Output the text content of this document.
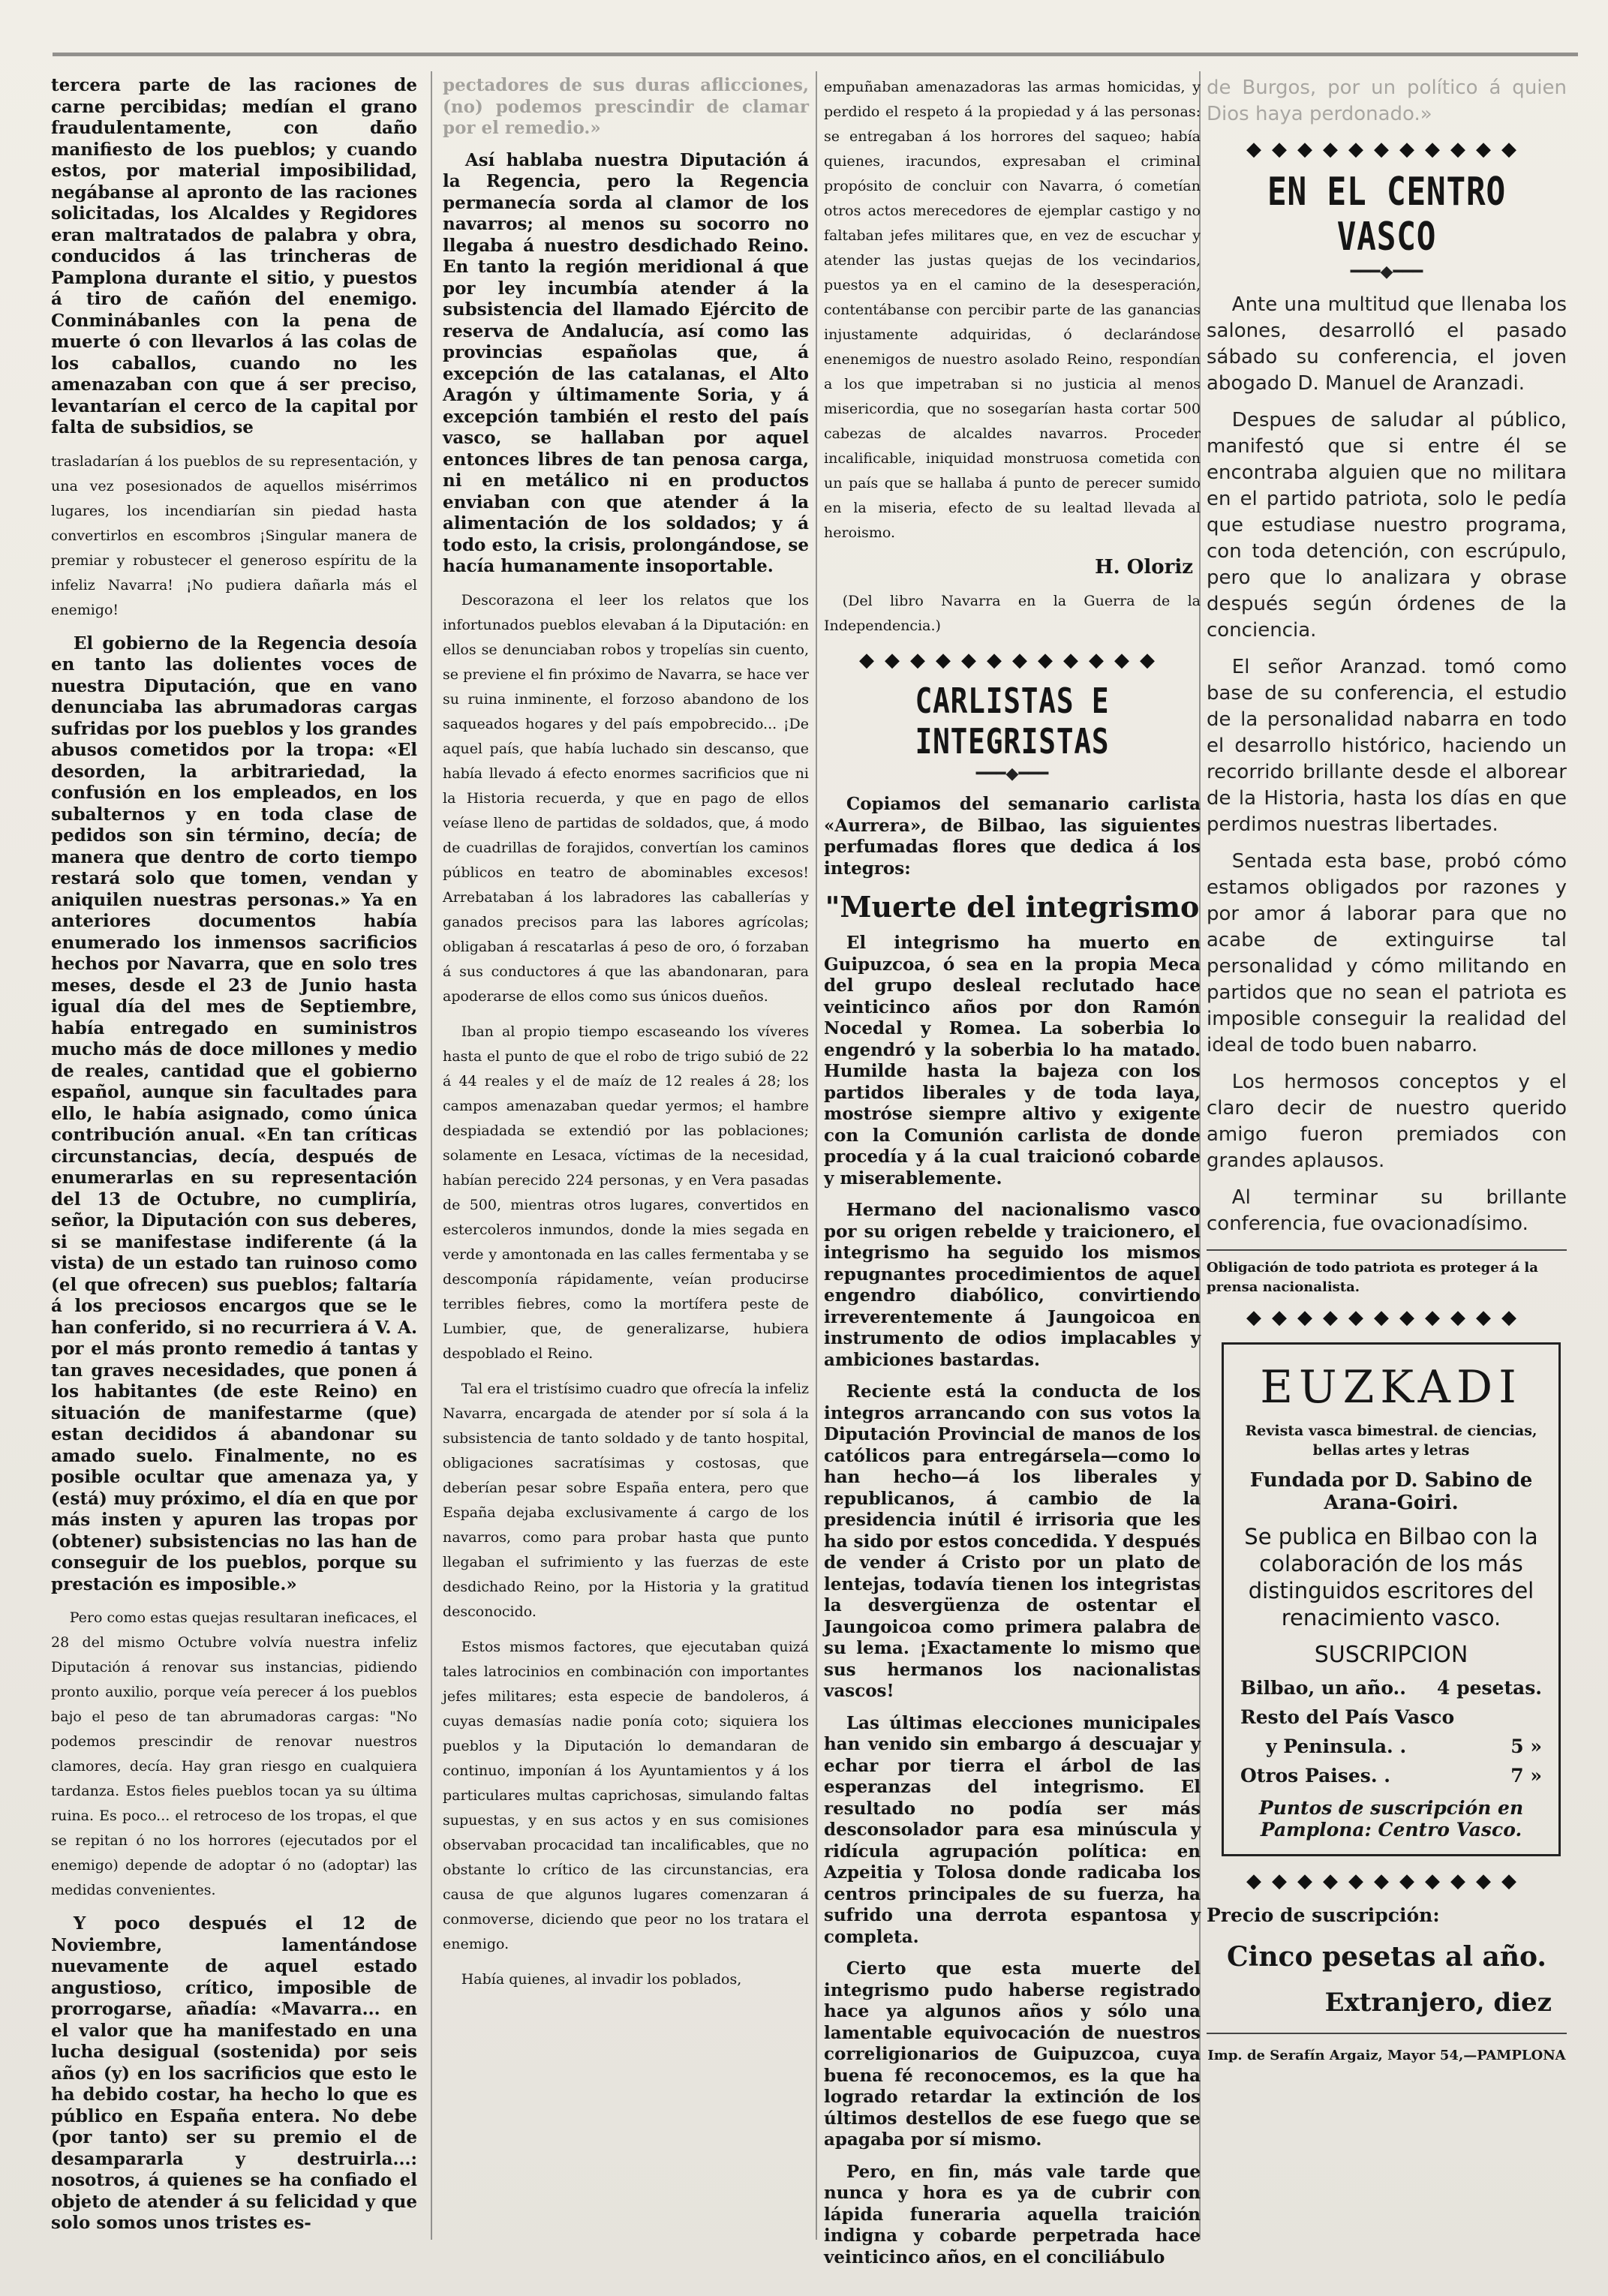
tercera parte de las raciones de carne percibidas; medían el grano fraudulentamente, con daño manifiesto de los pueblos; y cuando estos, por material imposibilidad, negábanse al apronto de las raciones solicitadas, los Alcaldes y Regidores eran maltratados de palabra y obra, conducidos á las trincheras de Pamplona durante el sitio, y puestos á tiro de cañón del enemigo. Conminábanles con la pena de muerte ó con llevarlos á las colas de los caballos, cuando no les amenazaban con que á ser preciso, levantarían el cerco de la capital por falta de subsidios, se

trasladarían á los pueblos de su representación, y una vez posesionados de aquellos misérrimos lugares, los incendiarían sin piedad hasta convertirlos en escombros ¡Singular manera de premiar y robustecer el generoso espíritu de la infeliz Navarra! ¡No pudiera dañarla más el enemigo!

El gobierno de la Regencia desoía en tanto las dolientes voces de nuestra Diputación, que en vano denunciaba las abrumadoras cargas sufridas por los pueblos y los grandes abusos cometidos por la tropa: «El desorden, la arbitrariedad, la confusión en los empleados, en los subalternos y en toda clase de pedidos son sin término, decía; de manera que dentro de corto tiempo restará solo que tomen, vendan y aniquilen nuestras personas.» Ya en anteriores documentos había enumerado los inmensos sacrificios hechos por Navarra, que en solo tres meses, desde el 23 de Junio hasta igual día del mes de Septiembre, había entregado en suministros mucho más de doce millones y medio de reales, cantidad que el gobierno español, aunque sin facultades para ello, le había asignado, como única contribución anual. «En tan críticas circunstancias, decía, después de enumerarlas en su representación del 13 de Octubre, no cumpliría, señor, la Diputación con sus deberes, si se manifestase indiferente (á la vista) de un estado tan ruinoso como (el que ofrecen) sus pueblos; faltaría á los preciosos encargos que se le han conferido, si no recurriera á V. A. por el más pronto remedio á tantas y tan graves necesidades, que ponen á los habitantes (de este Reino) en situación de manifestarme (que) estan decididos á abandonar su amado suelo. Finalmente, no es posible ocultar que amenaza ya, y (está) muy próximo, el día en que por más insten y apuren las tropas por (obtener) subsistencias no las han de conseguir de los pueblos, porque su prestación es imposible.»

Pero como estas quejas resultaran ineficaces, el 28 del mismo Octubre volvía nuestra infeliz Diputación á renovar sus instancias, pidiendo pronto auxilio, porque veía perecer á los pueblos bajo el peso de tan abrumadoras cargas: "No podemos prescindir de renovar nuestros clamores, decía. Hay gran riesgo en cualquiera tardanza. Estos fieles pueblos tocan ya su última ruina. Es poco... el retroceso de los tropas, el que se repitan ó no los horrores (ejecutados por el enemigo) depende de adoptar ó no (adoptar) las medidas convenientes.

Y poco después el 12 de Noviembre, lamentándose nuevamente de aquel estado angustioso, crítico, imposible de prorrogarse, añadía: «Mavarra... en el valor que ha manifestado en una lucha desigual (sostenida) por seis años (y) en los sacrificios que esto le ha debido costar, ha hecho lo que es público en España entera. No debe (por tanto) ser su premio el de desampararla y destruirla...: nosotros, á quienes se ha confiado el objeto de atender á su felicidad y que solo somos unos tristes es-

pectadores de sus duras aflicciones, (no) podemos prescindir de clamar por el remedio.»

Así hablaba nuestra Diputación á la Regencia, pero la Regencia permanecía sorda al clamor de los navarros; al menos su socorro no llegaba á nuestro desdichado Reino. En tanto la región meridional á que por ley incumbía atender á la subsistencia del llamado Ejército de reserva de Andalucía, así como las provincias españolas que, á excepción de las catalanas, el Alto Aragón y últimamente Soria, y á excepción también el resto del país vasco, se hallaban por aquel entonces libres de tan penosa carga, ni en metálico ni en productos enviaban con que atender á la alimentación de los soldados; y á todo esto, la crisis, prolongándose, se hacía humanamente insoportable.

Descorazona el leer los relatos que los infortunados pueblos elevaban á la Diputación: en ellos se denunciaban robos y tropelías sin cuento, se previene el fin próximo de Navarra, se hace ver su ruina inminente, el forzoso abandono de los saqueados hogares y del país empobrecido... ¡De aquel país, que había luchado sin descanso, que había llevado á efecto enormes sacrificios que ni la Historia recuerda, y que en pago de ellos veíase lleno de partidas de soldados, que, á modo de cuadrillas de forajidos, convertían los caminos públicos en teatro de abominables excesos! Arrebataban á los labradores las caballerías y ganados precisos para las labores agrícolas; obligaban á rescatarlas á peso de oro, ó forzaban á sus conductores á que las abandonaran, para apoderarse de ellos como sus únicos dueños.

Iban al propio tiempo escaseando los víveres hasta el punto de que el robo de trigo subió de 22 á 44 reales y el de maíz de 12 reales á 28; los campos amenazaban quedar yermos; el hambre despiadada se extendió por las poblaciones; solamente en Lesaca, víctimas de la necesidad, habían perecido 224 personas, y en Vera pasadas de 500, mientras otros lugares, convertidos en estercoleros inmundos, donde la mies segada en verde y amontonada en las calles fermentaba y se descomponía rápidamente, veían producirse terribles fiebres, como la mortífera peste de Lumbier, que, de generalizarse, hubiera despoblado el Reino.

Tal era el tristísimo cuadro que ofrecía la infeliz Navarra, encargada de atender por sí sola á la subsistencia de tanto soldado y de tanto hospital, obligaciones sacratísimas y costosas, que deberían pesar sobre España entera, pero que España dejaba exclusivamente á cargo de los navarros, como para probar hasta que punto llegaban el sufrimiento y las fuerzas de este desdichado Reino, por la Historia y la gratitud desconocido.

Estos mismos factores, que ejecutaban quizá tales latrocinios en combinación con importantes jefes militares; esta especie de bandoleros, á cuyas demasías nadie ponía coto; siquiera los pueblos y la Diputación lo demandaran de continuo, imponían á los Ayuntamientos y á los particulares multas caprichosas, simulando faltas supuestas, y en sus actos y en sus comisiones observaban procacidad tan incalificables, que no obstante lo crítico de las circunstancias, era causa de que algunos lugares comenzaran á conmoverse, diciendo que peor no los tratara el enemigo.

Había quienes, al invadir los poblados,

empuñaban amenazadoras las armas homicidas, y perdido el respeto á la propiedad y á las personas: se entregaban á los horrores del saqueo; había quienes, iracundos, expresaban el criminal propósito de concluir con Navarra, ó cometían otros actos merecedores de ejemplar castigo y no faltaban jefes militares que, en vez de escuchar y atender las justas quejas de los vecindarios, puestos ya en el camino de la desesperación, contentábanse con percibir parte de las ganancias injustamente adquiridas, ó declarándose enenemigos de nuestro asolado Reino, respondían a los que impetraban si no justicia al menos misericordia, que no sosegarían hasta cortar 500 cabezas de alcaldes navarros. Proceder incalificable, iniquidad monstruosa cometida con un país que se hallaba á punto de perecer sumido en la miseria, efecto de su lealtad llevada al heroismo.

H. Oloriz

(Del libro Navarra en la Guerra de la Independencia.)

◆◆◆◆◆◆◆◆◆◆◆◆
CARLISTAS E INTEGRISTAS
━━━◆━━━

Copiamos del semanario carlista «Aurrera», de Bilbao, las siguientes perfumadas flores que dedica á los integros:

"Muerte del integrismo

El integrismo ha muerto en Guipuzcoa, ó sea en la propia Meca del grupo desleal reclutado hace veinticinco años por don Ramón Nocedal y Romea. La soberbia lo engendró y la soberbia lo ha matado. Humilde hasta la bajeza con los partidos liberales y de toda laya, mostróse siempre altivo y exigente con la Comunión carlista de donde procedía y á la cual traicionó cobarde y miserablemente.

Hermano del nacionalismo vasco por su origen rebelde y traicionero, el integrismo ha seguido los mismos repugnantes procedimientos de aquel engendro diabólico, convirtiendo irreverentemente á Jaungoicoa en instrumento de odios implacables y ambiciones bastardas.

Reciente está la conducta de los integros arrancando con sus votos la Diputación Provincial de manos de los católicos para entregársela—como lo han hecho—á los liberales y republicanos, á cambio de la presidencia inútil é irrisoria que les ha sido por estos concedida. Y después de vender á Cristo por un plato de lentejas, todavía tienen los integristas la desvergüenza de ostentar el Jaungoicoa como primera palabra de su lema. ¡Exactamente lo mismo que sus hermanos los nacionalistas vascos!

Las últimas elecciones municipales han venido sin embargo á descuajar y echar por tierra el árbol de las esperanzas del integrismo. El resultado no podía ser más desconsolador para esa minúscula y ridícula agrupación política: en Azpeitia y Tolosa donde radicaba los centros principales de su fuerza, ha sufrido una derrota espantosa y completa.

Cierto que esta muerte del integrismo pudo haberse registrado hace ya algunos años y sólo una lamentable equivocación de nuestros correligionarios de Guipuzcoa, cuya buena fé reconocemos, es la que ha logrado retardar la extinción de los últimos destellos de ese fuego que se apagaba por sí mismo.

Pero, en fin, más vale tarde que nunca y hora es ya de cubrir con lápida funeraria aquella traición indigna y cobarde perpetrada hace veinticinco años, en el conciliábulo

de Burgos, por un político á quien Dios haya perdonado.»

◆◆◆◆◆◆◆◆◆◆◆
EN EL CENTRO VASCO
━━━◆━━━

Ante una multitud que llenaba los salones, desarrolló el pasado sábado su conferencia, el joven abogado D. Manuel de Aranzadi.

Despues de saludar al público, manifestó que si entre él se encontraba alguien que no militara en el partido patriota, solo le pedía que estudiase nuestro programa, con toda detención, con escrúpulo, pero que lo analizara y obrase después según órdenes de la conciencia.

El señor Aranzad. tomó como base de su conferencia, el estudio de la personalidad nabarra en todo el desarrollo histórico, haciendo un recorrido brillante desde el alborear de la Historia, hasta los días en que perdimos nuestras libertades.

Sentada esta base, probó cómo estamos obligados por razones y por amor á laborar para que no acabe de extinguirse tal personalidad y cómo militando en partidos que no sean el patriota es imposible conseguir la realidad del ideal de todo buen nabarro.

Los hermosos conceptos y el claro decir de nuestro querido amigo fueron premiados con grandes aplausos.

Al terminar su brillante conferencia, fue ovacionadísimo.

Obligación de todo patriota es proteger á la prensa nacionalista.

◆◆◆◆◆◆◆◆◆◆◆
EUZKADI
Revista vasca bimestral. de ciencias, bellas artes y letras
Fundada por D. Sabino de Arana-Goiri.
Se publica en Bilbao con la colaboración de los más distinguidos escritores del renacimiento vasco.
SUSCRIPCION
Bilbao, un año.. 4 pesetas.
Resto del País Vasco
y Peninsula. .	5 »
Otros Paises. .	7 »
Puntos de suscripción en Pamplona: Centro Vasco.
◆◆◆◆◆◆◆◆◆◆◆
Precio de suscripción:
Cinco pesetas al año.
Extranjero, diez
Imp. de Serafín Argaiz, Mayor 54,—PAMPLONA
